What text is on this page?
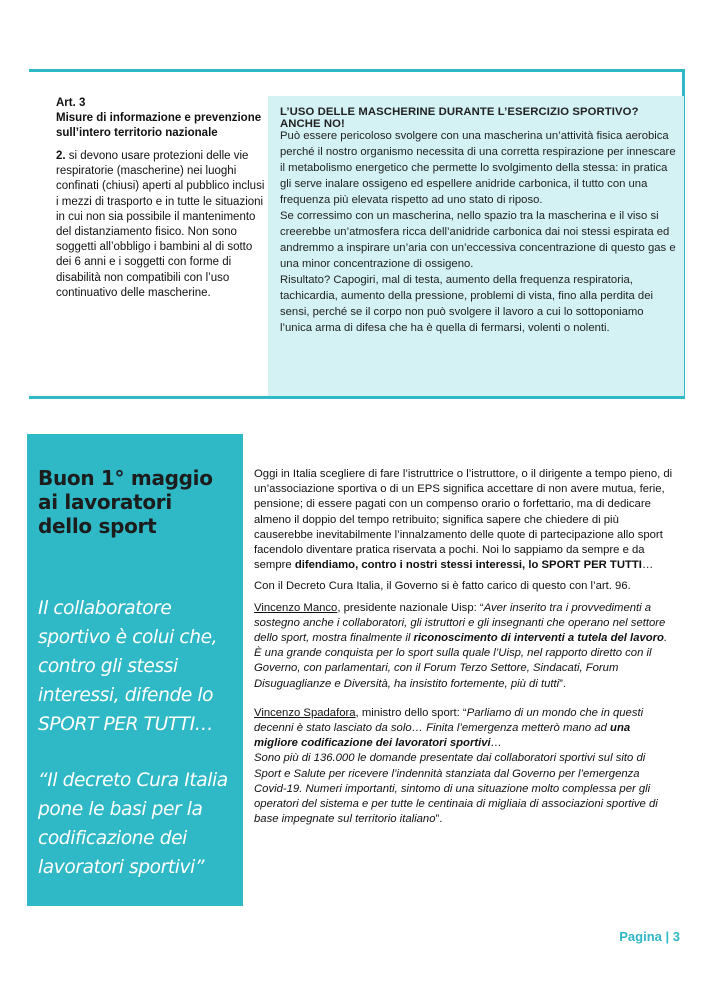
Art. 3
Misure di informazione e prevenzione sull’intero territorio nazionale
2. si devono usare protezioni delle vie respiratorie (mascherine) nei luoghi confinati (chiusi) aperti al pubblico inclusi i mezzi di trasporto e in tutte le situazioni in cui non sia possibile il mantenimento del distanziamento fisico. Non sono soggetti all’obbligo i bambini al di sotto dei 6 anni e i soggetti con forme di disabilità non compatibili con l’uso continuativo delle mascherine.
L’USO DELLE MASCHERINE DURANTE L’ESERCIZIO SPORTIVO? ANCHE NO!

Può essere pericoloso svolgere con una mascherina un’attività fisica aerobica perché il nostro organismo necessita di una corretta respirazione per innescare il metabolismo energetico che permette lo svolgimento della stessa: in pratica gli serve inalare ossigeno ed espellere anidride carbonica, il tutto con una frequenza più elevata rispetto ad uno stato di riposo.

Se corressimo con un mascherina, nello spazio tra la mascherina e il viso si creerebbe un’atmosfera ricca dell’anidride carbonica dai noi stessi espirata ed andremmo a inspirare un’aria con un’eccessiva concentrazione di questo gas e una minor concentrazione di ossigeno.

Risultato? Capogiri, mal di testa, aumento della frequenza respiratoria, tachicardia, aumento della pressione, problemi di vista, fino alla perdita dei sensi, perché se il corpo non può svolgere il lavoro a cui lo sottoponiamo l’unica arma di difesa che ha è quella di fermarsi, volenti o nolenti.

Buon 1° maggio
ai lavoratori
dello sport
Il collaboratore sportivo è colui che, contro gli stessi interessi, difende lo SPORT PER TUTTI…
“Il decreto Cura Italia pone le basi per la codificazione dei lavoratori sportivi”

Oggi in Italia scegliere di fare l’istruttrice o l’istruttore, o il dirigente a tempo pieno, di un’associazione sportiva o di un EPS significa accettare di non avere mutua, ferie, pensione; di essere pagati con un compenso orario o forfettario, ma di dedicare almeno il doppio del tempo retribuito; significa sapere che chiedere di più causerebbe inevitabilmente l’innalzamento delle quote di partecipazione allo sport facendolo diventare pratica riservata a pochi. Noi lo sappiamo da sempre e da sempre difendiamo, contro i nostri stessi interessi, lo SPORT PER TUTTI…

Con il Decreto Cura Italia, il Governo si è fatto carico di questo con l’art. 96.

Vincenzo Manco, presidente nazionale Uisp: “Aver inserito tra i provvedimenti a sostegno anche i collaboratori, gli istruttori e gli insegnanti che operano nel settore dello sport, mostra finalmente il riconoscimento di interventi a tutela del lavoro. È una grande conquista per lo sport sulla quale l’Uisp, nel rapporto diretto con il Governo, con parlamentari, con il Forum Terzo Settore, Sindacati, Forum Disuguaglianze e Diversità, ha insistito fortemente, più di tutti”.

Vincenzo Spadafora, ministro dello sport: “Parliamo di un mondo che in questi decenni è stato lasciato da solo… Finita l’emergenza metterò mano ad una migliore codificazione dei lavoratori sportivi…
Sono più di 136.000 le domande presentate dai collaboratori sportivi sul sito di Sport e Salute per ricevere l’indennità stanziata dal Governo per l’emergenza Covid-19. Numeri importanti, sintomo di una situazione molto complessa per gli operatori del sistema e per tutte le centinaia di migliaia di associazioni sportive di base impegnate sul territorio italiano”.

Pagina | 3
